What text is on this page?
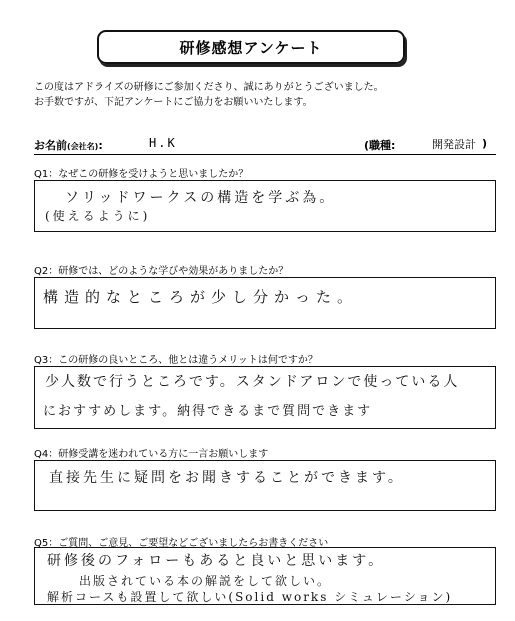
研修感想アンケート
この度はアドライズの研修にご参加くださり、誠にありがとうございました。
お手数ですが、下記アンケートにご協力をお願いいたします。
お名前(会社名):	H.K	(職種:	開発設計 )
Q1：なぜこの研修を受けようと思いましたか？
ソリッドワークスの構造を学ぶ為。
(使えるように)
Q2：研修では、どのような学びや効果がありましたか？
構造的なところが少し分かった。
Q3：この研修の良いところ、他とは違うメリットは何ですか？
少人数で行うところです。スタンドアロンで使っている人
におすすめします。納得できるまで質問できます
Q4：研修受講を迷われている方に一言お願いします
直接先生に疑問をお聞きすることができます。
Q5：ご質問、ご意見、ご要望などございましたらお書きください
研修後のフォローもあると良いと思います。
出版されている本の解説をして欲しい。
解析コースも設置して欲しい(Solid works シミュレーション)
